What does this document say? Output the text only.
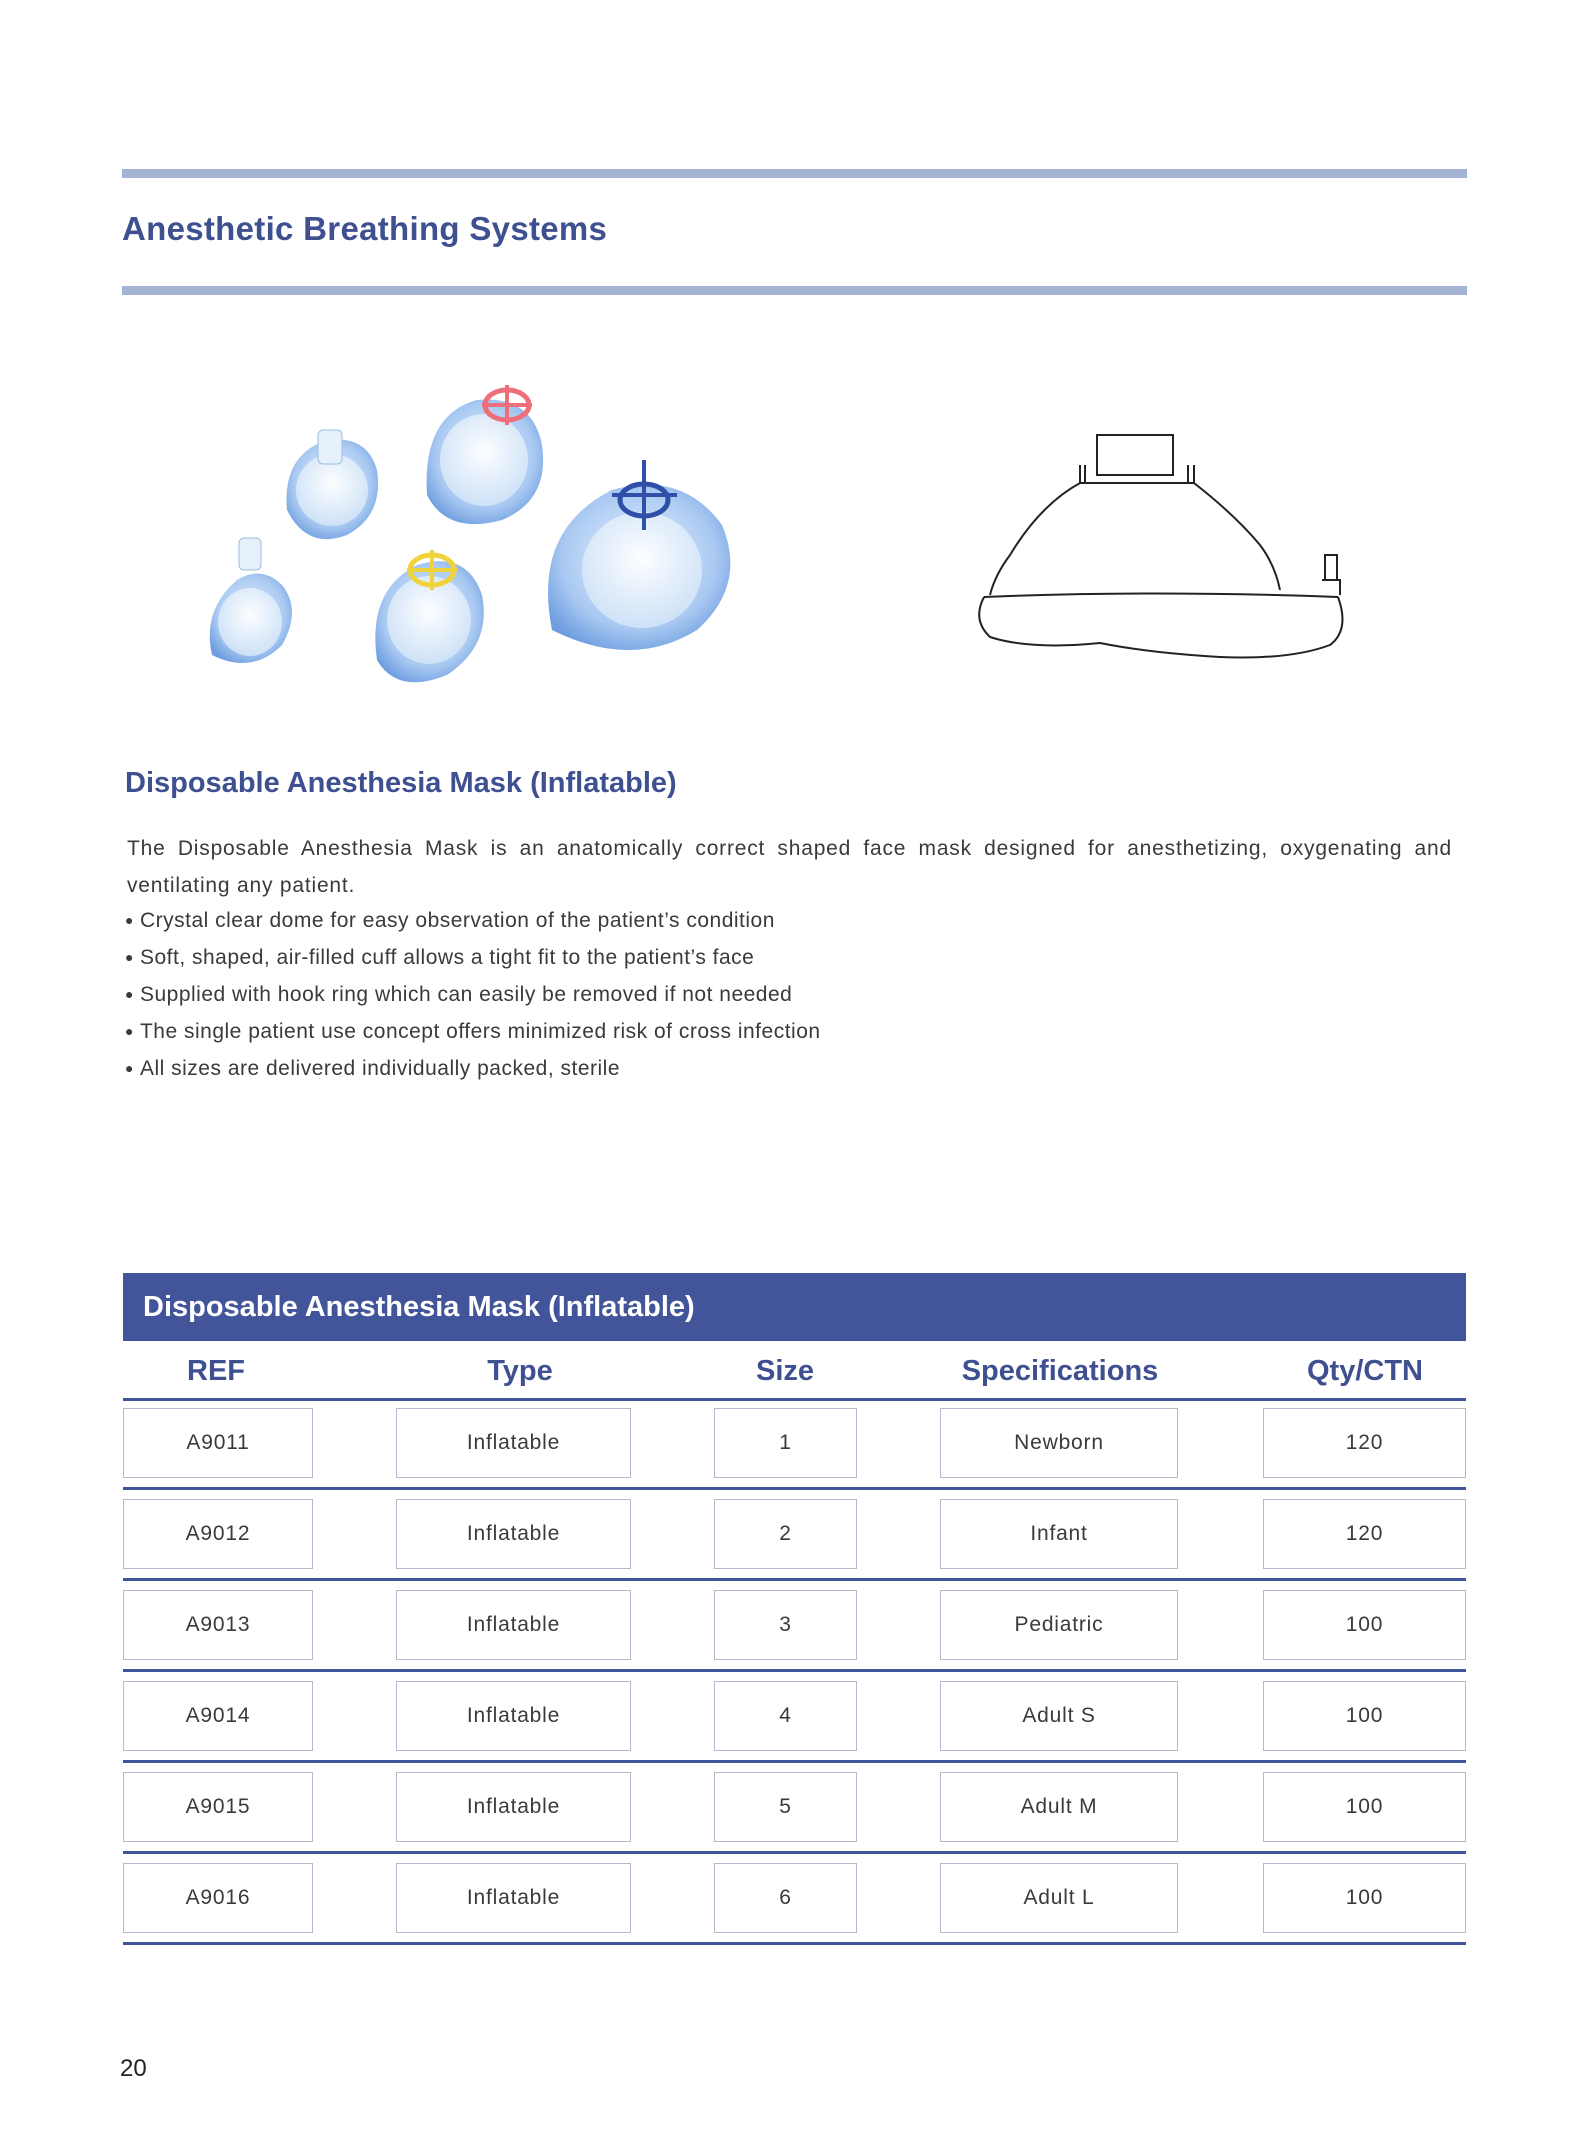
Anesthetic Breathing Systems
Disposable Anesthesia Mask (Inflatable)
The Disposable Anesthesia Mask is an anatomically correct shaped face mask designed for anesthetizing, oxygenating and ventilating any patient.
● Crystal clear dome for easy observation of the patient’s condition
● Soft, shaped, air-filled cuff allows a tight fit to the patient’s face
● Supplied with hook ring which can easily be removed if not needed
● The single patient use concept offers minimized risk of cross infection
● All sizes are delivered individually packed, sterile
Disposable Anesthesia Mask (Inflatable)
REF	Type	Size	Specifications	Qty/CTN
A9011	Inflatable	1	Newborn	120
A9012	Inflatable	2	Infant	120
A9013	Inflatable	3	Pediatric	100
A9014	Inflatable	4	Adult S	100
A9015	Inflatable	5	Adult M	100
A9016	Inflatable	6	Adult L	100
20
